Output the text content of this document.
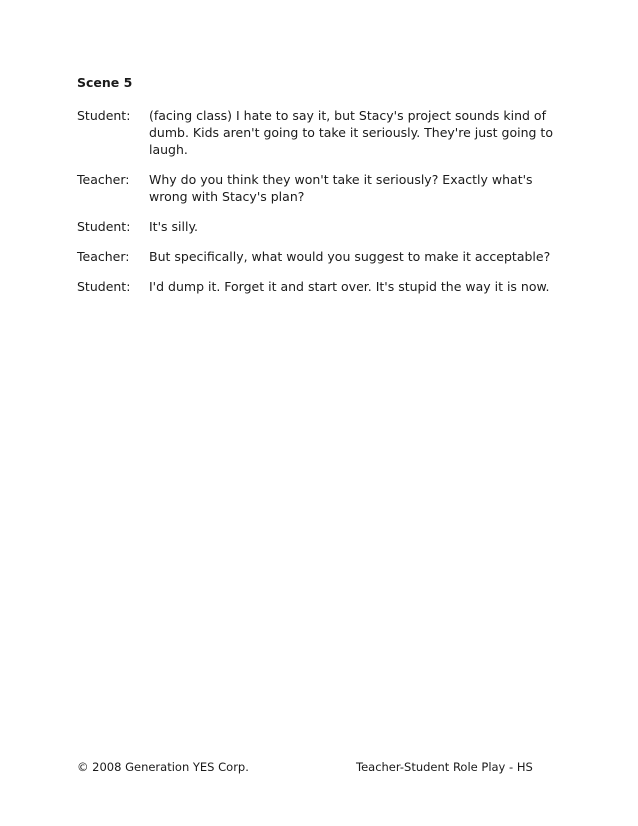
Scene 5
Student:	(facing class) I hate to say it, but Stacy's project sounds kind of dumb. Kids aren't going to take it seriously. They're just going to laugh.
Teacher:	Why do you think they won't take it seriously? Exactly what's wrong with Stacy's plan?
Student:	It's silly.
Teacher:	But specifically, what would you suggest to make it acceptable?
Student:	I'd dump it. Forget it and start over. It's stupid the way it is now.
© 2008 Generation YES Corp.	Teacher-Student Role Play - HS
